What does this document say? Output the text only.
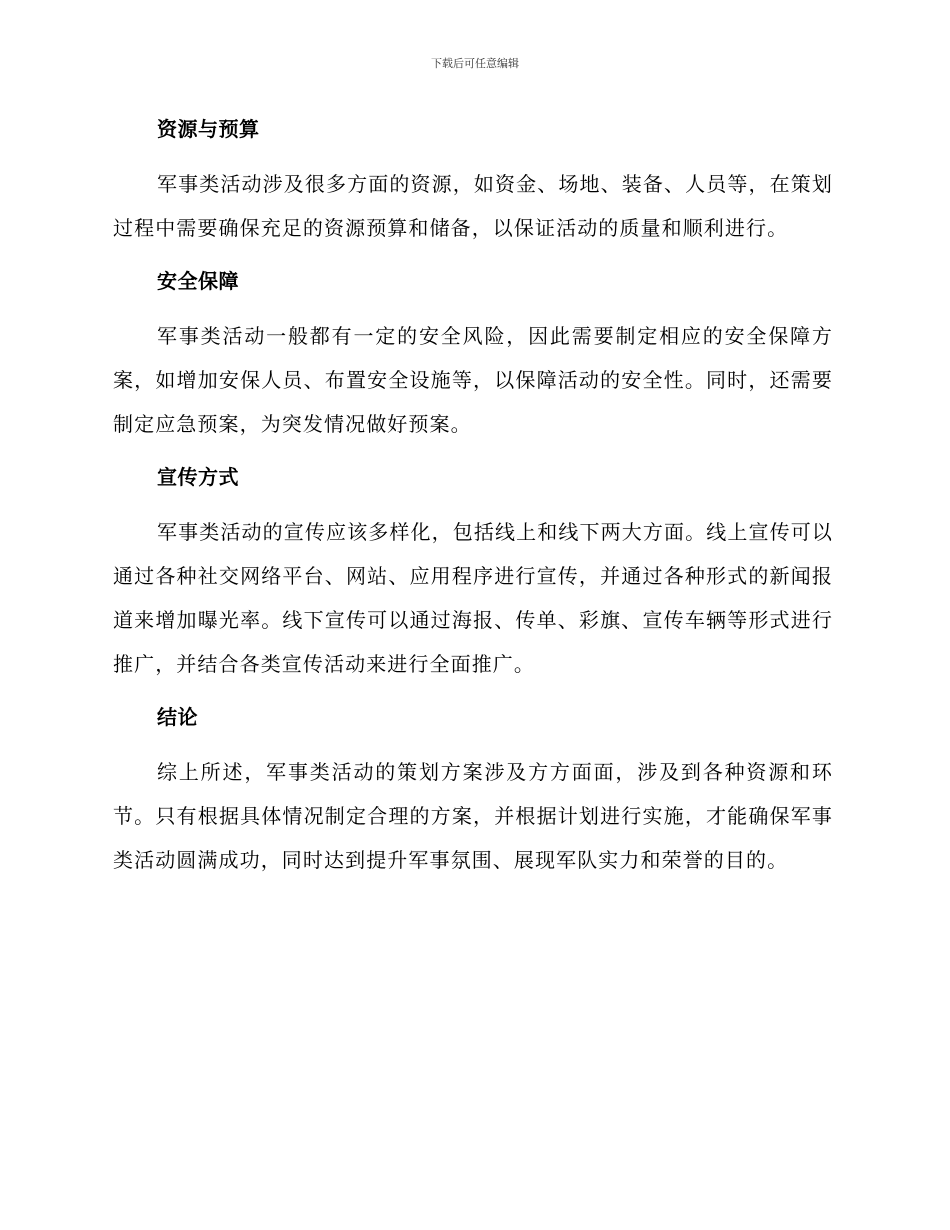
下载后可任意编辑
资源与预算

军事类活动涉及很多方面的资源，如资金、场地、装备、人员等，在策划过程中需要确保充足的资源预算和储备，以保证活动的质量和顺利进行。

安全保障

军事类活动一般都有一定的安全风险，因此需要制定相应的安全保障方案，如增加安保人员、布置安全设施等，以保障活动的安全性。同时，还需要制定应急预案，为突发情况做好预案。

宣传方式

军事类活动的宣传应该多样化，包括线上和线下两大方面。线上宣传可以通过各种社交网络平台、网站、应用程序进行宣传，并通过各种形式的新闻报道来增加曝光率。线下宣传可以通过海报、传单、彩旗、宣传车辆等形式进行推广，并结合各类宣传活动来进行全面推广。

结论

综上所述，军事类活动的策划方案涉及方方面面，涉及到各种资源和环节。只有根据具体情况制定合理的方案，并根据计划进行实施，才能确保军事类活动圆满成功，同时达到提升军事氛围、展现军队实力和荣誉的目的。
